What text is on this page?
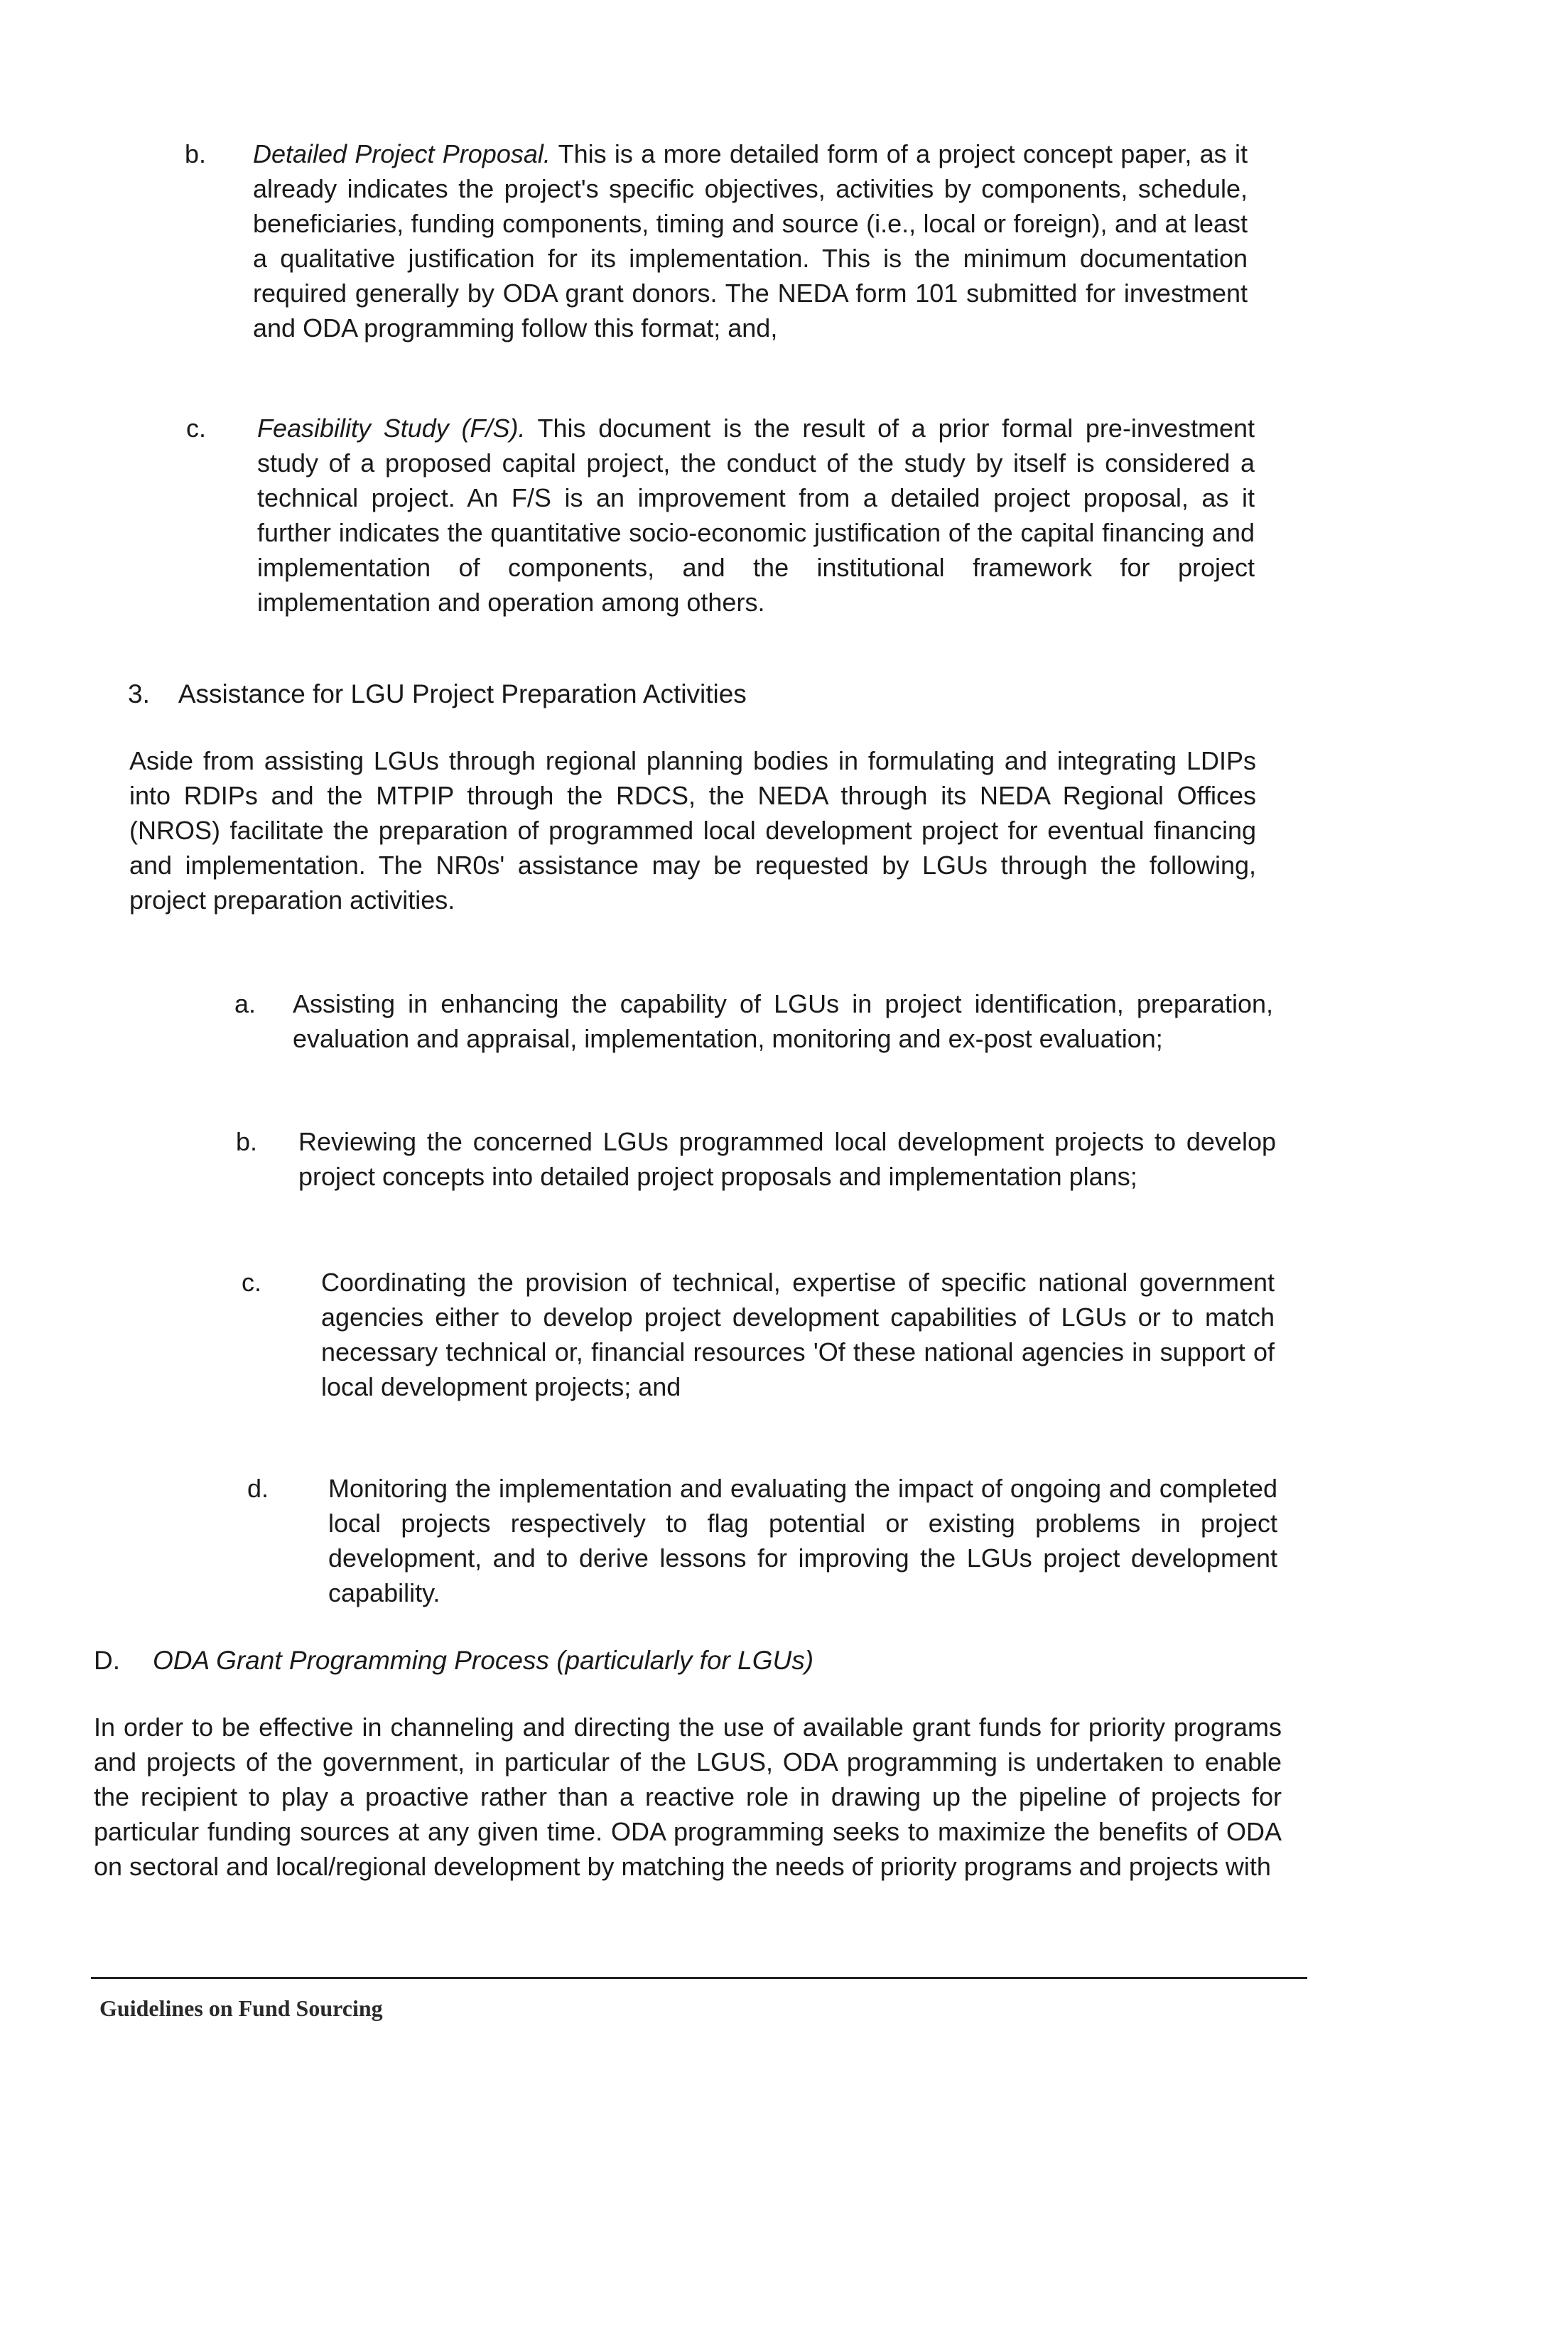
b. Detailed Project Proposal. This is a more detailed form of a project concept paper, as it already indicates the project's specific objectives, activities by components, schedule, beneficiaries, funding components, timing and source (i.e., local or foreign), and at least a qualitative justification for its implementation. This is the minimum documentation required generally by ODA grant donors. The NEDA form 101 submitted for investment and ODA programming follow this format; and,

c. Feasibility Study (F/S). This document is the result of a prior formal pre-investment study of a proposed capital project, the conduct of the study by itself is considered a technical project. An F/S is an improvement from a detailed project proposal, as it further indicates the quantitative socio-economic justification of the capital financing and implementation of components, and the institutional framework for project implementation and operation among others.

3. Assistance for LGU Project Preparation Activities

Aside from assisting LGUs through regional planning bodies in formulating and integrating LDIPs into RDIPs and the MTPIP through the RDCS, the NEDA through its NEDA Regional Offices (NROS) facilitate the preparation of programmed local development project for eventual financing and implementation. The NR0s' assistance may be requested by LGUs through the following, project preparation activities.

a. Assisting in enhancing the capability of LGUs in project identification, preparation, evaluation and appraisal, implementation, monitoring and ex-post evaluation;

b. Reviewing the concerned LGUs programmed local development projects to develop project concepts into detailed project proposals and implementation plans;

c. Coordinating the provision of technical, expertise of specific national government agencies either to develop project development capabilities of LGUs or to match necessary technical or, financial resources 'Of these national agencies in support of local development projects; and

d. Monitoring the implementation and evaluating the impact of ongoing and completed local projects respectively to flag potential or existing problems in project development, and to derive lessons for improving the LGUs project development capability.

D. ODA Grant Programming Process (particularly for LGUs)

In order to be effective in channeling and directing the use of available grant funds for priority programs and projects of the government, in particular of the LGUS, ODA programming is undertaken to enable the recipient to play a proactive rather than a reactive role in drawing up the pipeline of projects for particular funding sources at any given time. ODA programming seeks to maximize the benefits of ODA on sectoral and local/regional development by matching the needs of priority programs and projects with

Guidelines on Fund Sourcing
